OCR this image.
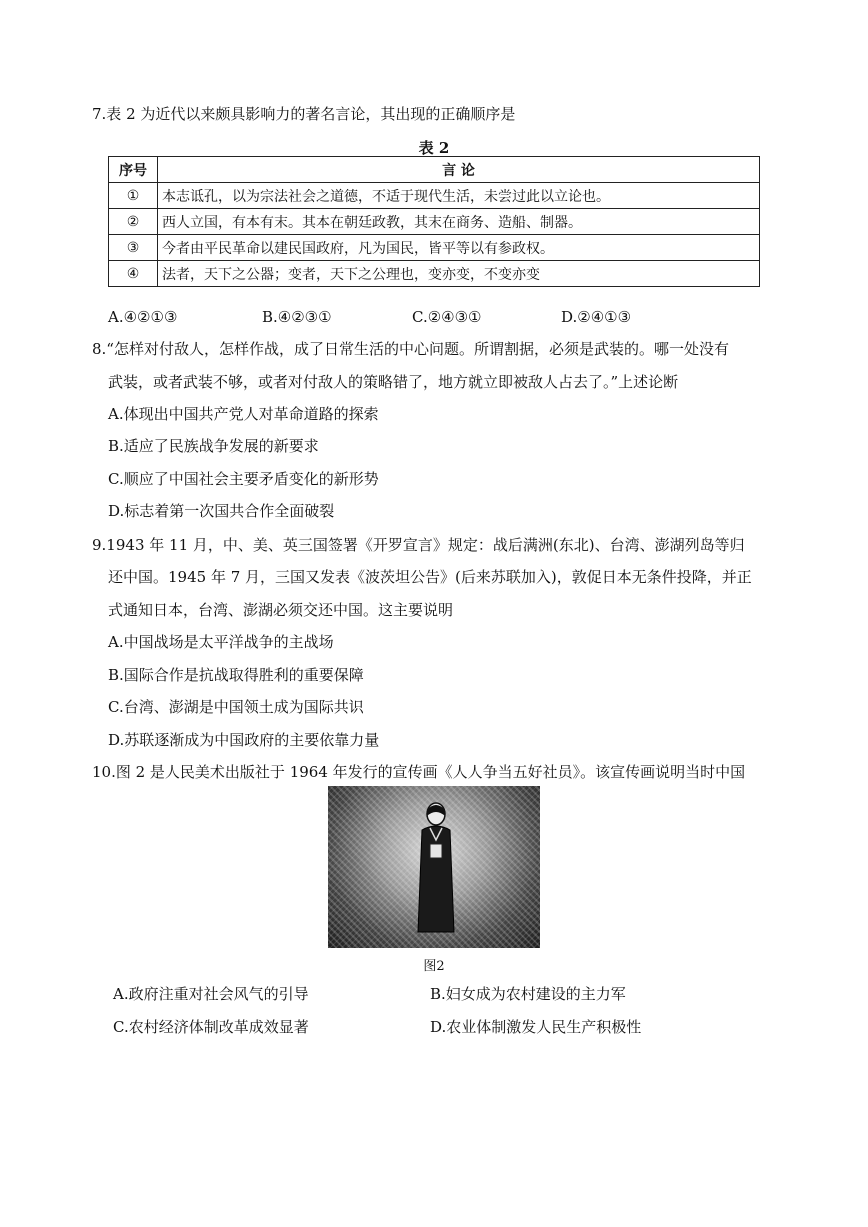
7.表 2 为近代以来颇具影响力的著名言论，其出现的正确顺序是
表 2
序号	言 论
①	本志诋孔，以为宗法社会之道德，不适于现代生活，未尝过此以立论也。
②	西人立国，有本有末。其本在朝廷政教，其末在商务、造船、制器。
③	今者由平民革命以建民国政府，凡为国民，皆平等以有参政权。
④	法者，天下之公器；变者，天下之公理也，变亦变，不变亦变
A.④②①③	B.④②③①	C.②④③①	D.②④①③
8.“怎样对付敌人，怎样作战，成了日常生活的中心问题。所谓割据，必须是武装的。哪一处没有
武装，或者武装不够，或者对付敌人的策略错了，地方就立即被敌人占去了。”上述论断
A.体现出中国共产党人对革命道路的探索
B.适应了民族战争发展的新要求
C.顺应了中国社会主要矛盾变化的新形势
D.标志着第一次国共合作全面破裂
9.1943 年 11 月，中、美、英三国签署《开罗宣言》规定：战后满洲(东北)、台湾、澎湖列岛等归
还中国。1945 年 7 月，三国又发表《波茨坦公告》(后来苏联加入)，敦促日本无条件投降，并正
式通知日本，台湾、澎湖必须交还中国。这主要说明
A.中国战场是太平洋战争的主战场
B.国际合作是抗战取得胜利的重要保障
C.台湾、澎湖是中国领土成为国际共识
D.苏联逐渐成为中国政府的主要依靠力量
10.图 2 是人民美术出版社于 1964 年发行的宣传画《人人争当五好社员》。该宣传画说明当时中国
图2
A.政府注重对社会风气的引导	B.妇女成为农村建设的主力军
C.农村经济体制改革成效显著	D.农业体制激发人民生产积极性
